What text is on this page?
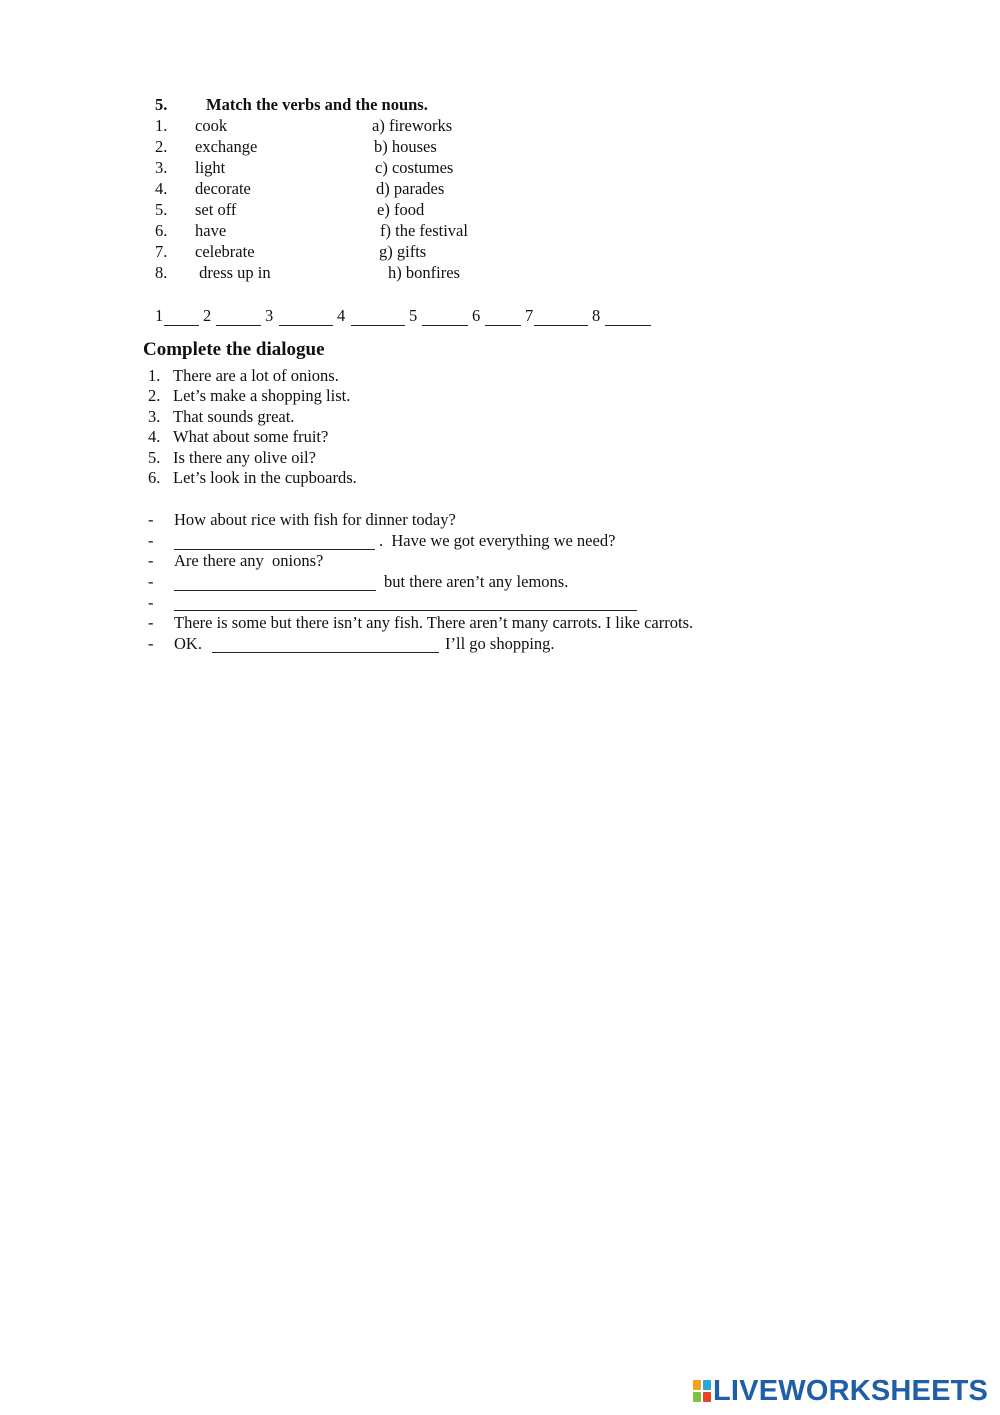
5. Match the verbs and the nouns.
1. cook	a) fireworks
2. exchange	b) houses
3. light	c) costumes
4. decorate	d) parades
5. set off	e) food
6. have	f) the festival
7. celebrate	g) gifts
8. dress up in	h) bonfires
1 2	3	4	5	6	7	8
Complete the dialogue
1. There are a lot of onions.
2. Let’s make a shopping list.
3. That sounds great.
4. What about some fruit?
5. Is there any olive oil?
6. Let’s look in the cupboards.
- How about rice with fish for dinner today?
-	.  Have we got everything we need?
- Are there any  onions?
-	but there aren’t any lemons.
-
- There is some but there isn’t any fish. There aren’t many carrots. I like carrots.
- OK.	I’ll go shopping.
LIVEWORKSHEETS
